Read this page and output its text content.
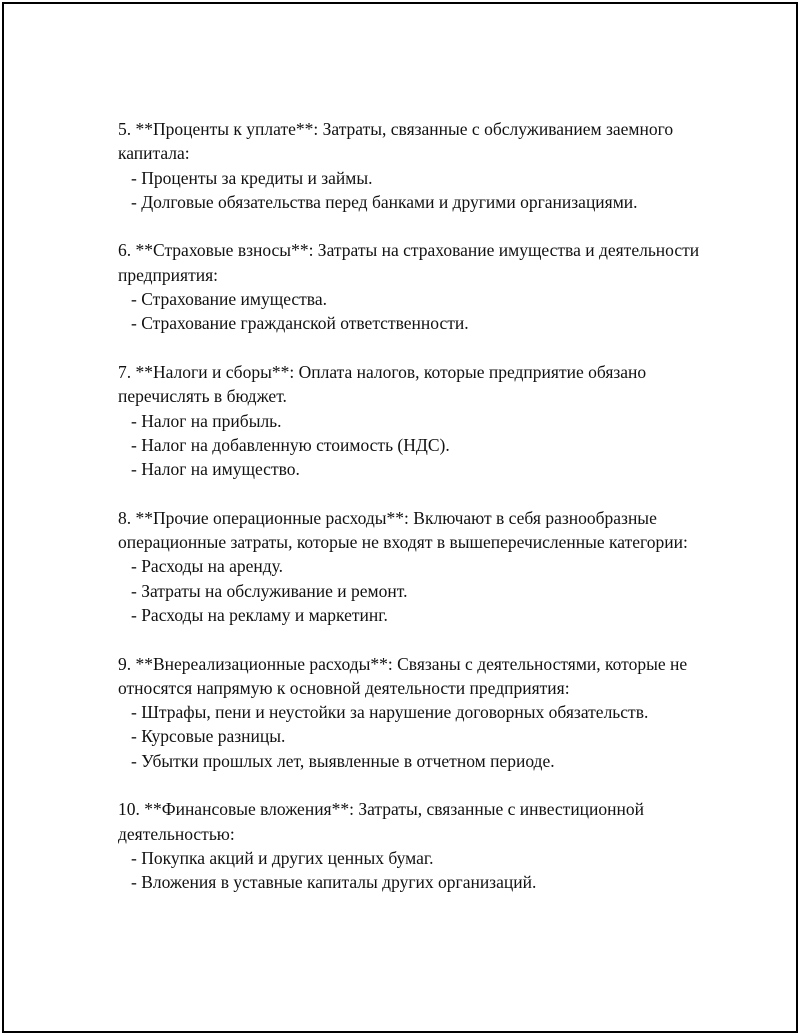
5. **Проценты к уплате**: Затраты, связанные с обслуживанием заемного капитала:

- Проценты за кредиты и займы.
- Долговые обязательства перед банками и другими организациями.

6. **Страховые взносы**: Затраты на страхование имущества и деятельности предприятия:

- Страхование имущества.
- Страхование гражданской ответственности.

7. **Налоги и сборы**: Оплата налогов, которые предприятие обязано перечислять в бюджет.

- Налог на прибыль.
- Налог на добавленную стоимость (НДС).
- Налог на имущество.

8. **Прочие операционные расходы**: Включают в себя разнообразные операционные затраты, которые не входят в вышеперечисленные категории:

- Расходы на аренду.
- Затраты на обслуживание и ремонт.
- Расходы на рекламу и маркетинг.

9. **Внереализационные расходы**: Связаны с деятельностями, которые не относятся напрямую к основной деятельности предприятия:

- Штрафы, пени и неустойки за нарушение договорных обязательств.
- Курсовые разницы.
- Убытки прошлых лет, выявленные в отчетном периоде.

10. **Финансовые вложения**: Затраты, связанные с инвестиционной деятельностью:

- Покупка акций и других ценных бумаг.
- Вложения в уставные капиталы других организаций.
